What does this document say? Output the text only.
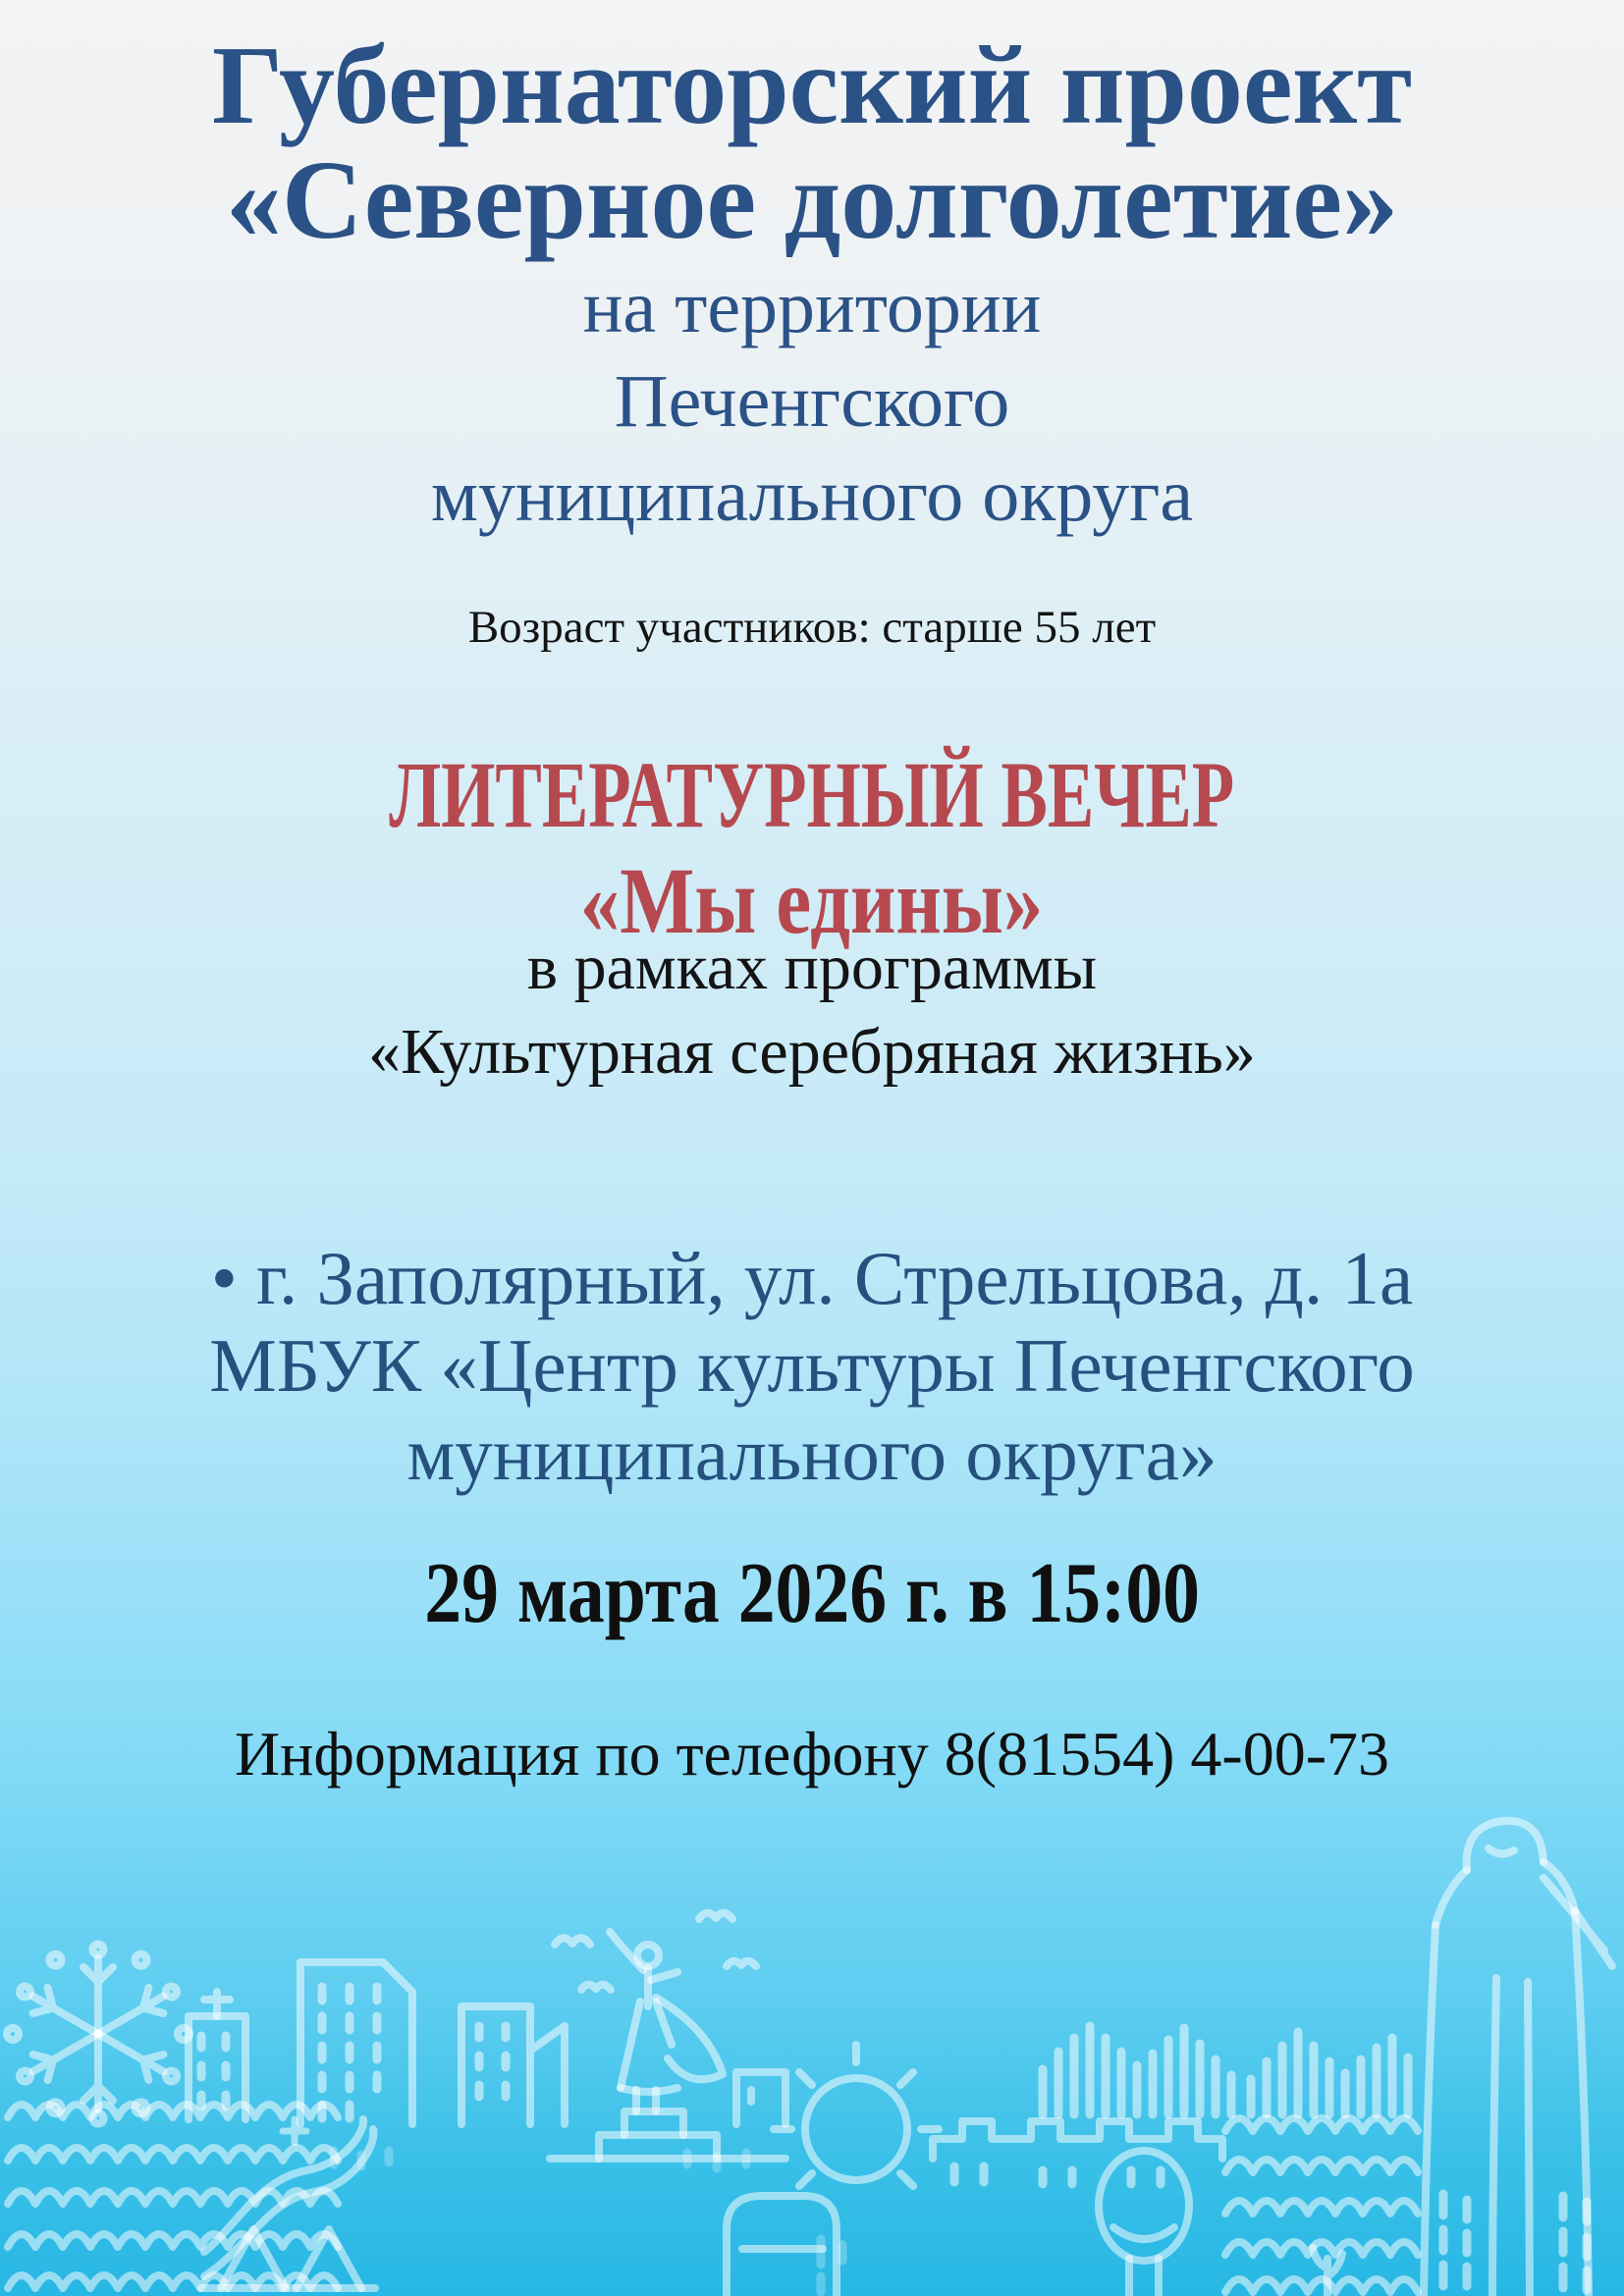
Губернаторский проект
«Северное долголетие»
на территории
Печенгского
муниципального округа
Возраст участников: старше 55 лет
ЛИТЕРАТУРНЫЙ ВЕЧЕР
«Мы едины»
в рамках программы
«Культурная серебряная жизнь»
• г. Заполярный, ул. Стрельцова, д. 1а
МБУК «Центр культуры Печенгского
муниципального округа»
29 марта 2026 г. в 15:00
Информация по телефону 8(81554) 4-00-73
